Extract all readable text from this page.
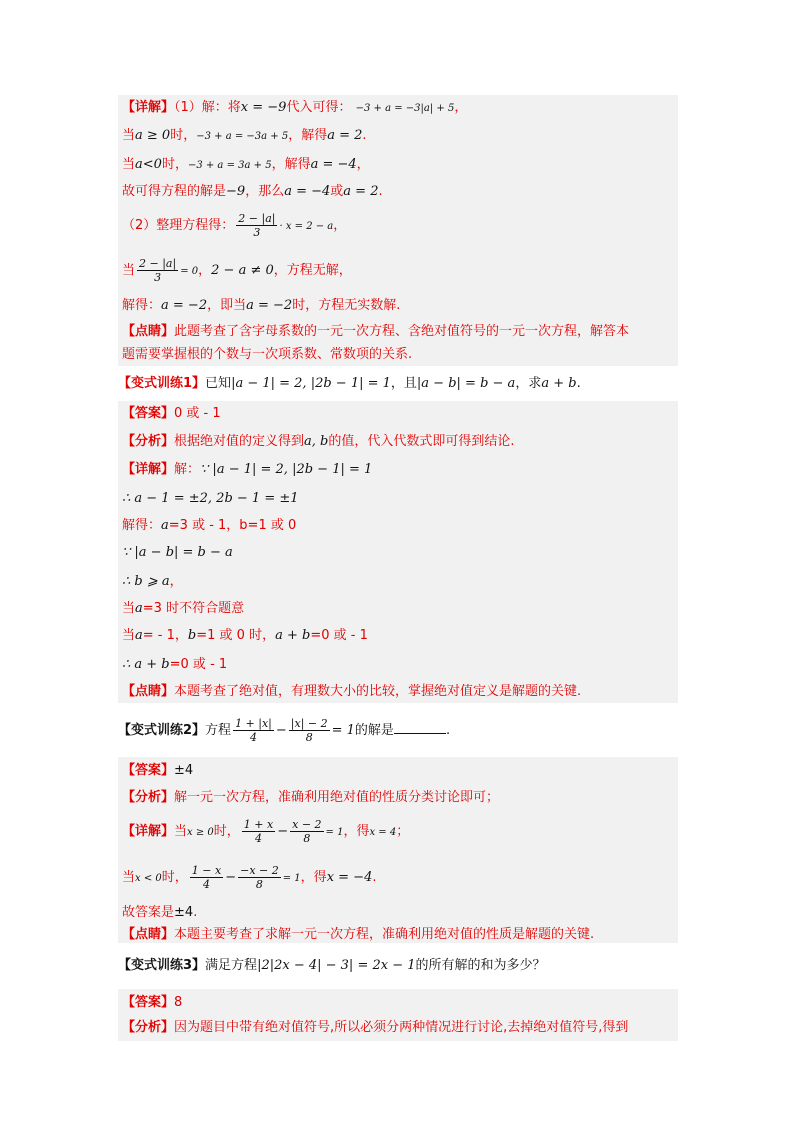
【详解】（1）解：将x = −9代入可得： −3 + a = −3|a| + 5，
当a ≥ 0时，−3 + a = −3a + 5，解得a = 2.
当a<0时，−3 + a = 3a + 5，解得a = −4，
故可得方程的解是−9，那么a = −4或a = 2.
（2）整理方程得： $\frac{2 - |a|}{3} \cdot x = 2 - a$，
当 $\frac{2 - |a|}{3} = 0$，2 − a ≠ 0，方程无解，
解得：a = −2，即当a = −2时，方程无实数解.
【点睛】此题考查了含字母系数的一元一次方程、含绝对值符号的一元一次方程，解答本
题需要掌握根的个数与一次项系数、常数项的关系.
【变式训练1】已知|a − 1| = 2, |2b − 1| = 1，且|a − b| = b − a，求a + b.
【答案】0 或 - 1
【分析】根据绝对值的定义得到a, b的值，代入代数式即可得到结论.
【详解】解：∵ |a − 1| = 2, |2b − 1| = 1
∴ a − 1 = ±2, 2b − 1 = ±1
解得：a=3 或 - 1，b=1 或 0
∵ |a − b| = b − a
∴ b ⩾ a，
当a=3 时不符合题意
当a= - 1，b=1 或 0 时，a + b=0 或 - 1
∴ a + b=0 或 - 1
【点睛】本题考查了绝对值，有理数大小的比较，掌握绝对值定义是解题的关键.
【变式训练2】方程 $\frac{1 + |x|}{4} - \frac{|x| - 2}{8} = 1$的解是	.
【答案】±4
【分析】解一元一次方程，准确利用绝对值的性质分类讨论即可；
【详解】当x ≥ 0时， $\frac{1 + x}{4} - \frac{x - 2}{8} = 1$，得x = 4；
当x < 0时， $\frac{1 - x}{4} - \frac{-x - 2}{8} = 1$，得x = −4.
故答案是±4.
【点睛】本题主要考查了求解一元一次方程，准确利用绝对值的性质是解题的关键.
【变式训练3】满足方程|2|2x − 4| − 3| = 2x − 1的所有解的和为多少？
【答案】8
【分析】因为题目中带有绝对值符号,所以必须分两种情况进行讨论,去掉绝对值符号,得到
